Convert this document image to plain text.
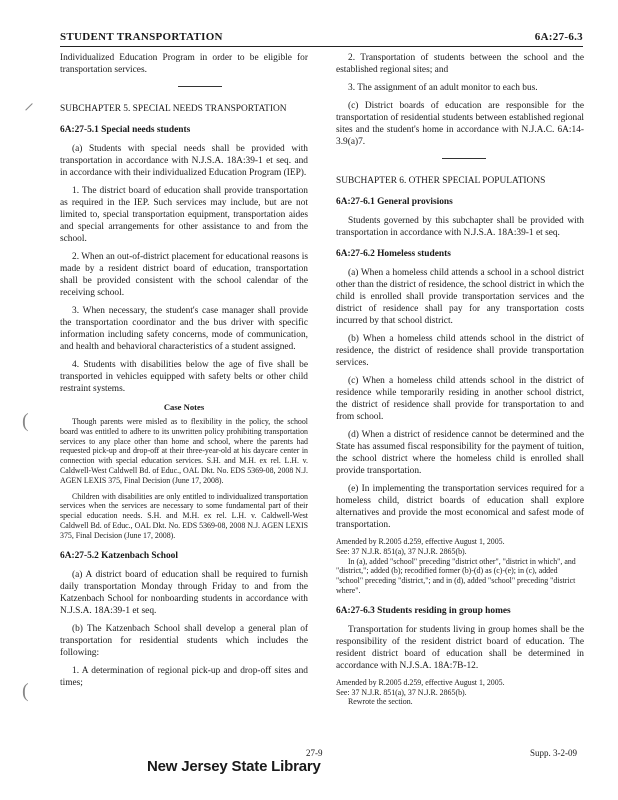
STUDENT TRANSPORTATION	6A:27-6.3
⸝
(
(

Individualized Education Program in order to be eligible for transportation services.

SUBCHAPTER 5. SPECIAL NEEDS TRANSPORTATION

6A:27-5.1 Special needs students

(a) Students with special needs shall be provided with transportation in accordance with N.J.S.A. 18A:39-1 et seq. and in accordance with their individualized Education Program (IEP).

1. The district board of education shall provide transportation as required in the IEP. Such services may include, but are not limited to, special transportation equipment, transportation aides and special arrangements for other assistance to and from the school.

2. When an out-of-district placement for educational reasons is made by a resident district board of education, transportation shall be provided consistent with the school calendar of the receiving school.

3. When necessary, the student's case manager shall provide the transportation coordinator and the bus driver with specific information including safety concerns, mode of communication, and health and behavioral characteristics of a student assigned.

4. Students with disabilities below the age of five shall be transported in vehicles equipped with safety belts or other child restraint systems.

Case Notes

Though parents were misled as to flexibility in the policy, the school board was entitled to adhere to its unwritten policy prohibiting transportation services to any place other than home and school, where the parents had requested pick-up and drop-off at their three-year-old at his daycare center in connection with special education services. S.H. and M.H. ex rel. L.H. v. Caldwell-West Caldwell Bd. of Educ., OAL Dkt. No. EDS 5369-08, 2008 N.J. AGEN LEXIS 375, Final Decision (June 17, 2008).

Children with disabilities are only entitled to individualized transportation services when the services are necessary to some fundamental part of their special education needs. S.H. and M.H. ex rel. L.H. v. Caldwell-West Caldwell Bd. of Educ., OAL Dkt. No. EDS 5369-08, 2008 N.J. AGEN LEXIS 375, Final Decision (June 17, 2008).

6A:27-5.2 Katzenbach School

(a) A district board of education shall be required to furnish daily transportation Monday through Friday to and from the Katzenbach School for nonboarding students in accordance with N.J.S.A. 18A:39-1 et seq.

(b) The Katzenbach School shall develop a general plan of transportation for residential students which includes the following:

1. A determination of regional pick-up and drop-off sites and times;

2. Transportation of students between the school and the established regional sites; and

3. The assignment of an adult monitor to each bus.

(c) District boards of education are responsible for the transportation of residential students between established regional sites and the student's home in accordance with N.J.A.C. 6A:14-3.9(a)7.

SUBCHAPTER 6. OTHER SPECIAL POPULATIONS

6A:27-6.1 General provisions

Students governed by this subchapter shall be provided with transportation in accordance with N.J.S.A. 18A:39-1 et seq.

6A:27-6.2 Homeless students

(a) When a homeless child attends a school in a school district other than the district of residence, the school district in which the child is enrolled shall provide transportation services and the district of residence shall pay for any transportation costs incurred by that school district.

(b) When a homeless child attends school in the district of residence, the district of residence shall provide transportation services.

(c) When a homeless child attends school in the district of residence while temporarily residing in another school district, the district of residence shall provide for transportation to and from school.

(d) When a district of residence cannot be determined and the State has assumed fiscal responsibility for the payment of tuition, the school district where the homeless child is enrolled shall provide transportation.

(e) In implementing the transportation services required for a homeless child, district boards of education shall explore alternatives and provide the most economical and safest mode of transportation.

Amended by R.2005 d.259, effective August 1, 2005.
See: 37 N.J.R. 851(a), 37 N.J.R. 2865(b).
In (a), added "school" preceding "district other", "district in which", and "district,"; added (b); recodified former (b)-(d) as (c)-(e); in (c), added "school" preceding "district,"; and in (d), added "school" preceding "district where".

6A:27-6.3 Students residing in group homes

Transportation for students living in group homes shall be the responsibility of the resident district board of education. The resident district board of education shall be determined in accordance with N.J.S.A. 18A:7B-12.

Amended by R.2005 d.259, effective August 1, 2005.
See: 37 N.J.R. 851(a), 37 N.J.R. 2865(b).
Rewrote the section.
27-9	Supp. 3-2-09
New Jersey State Library
